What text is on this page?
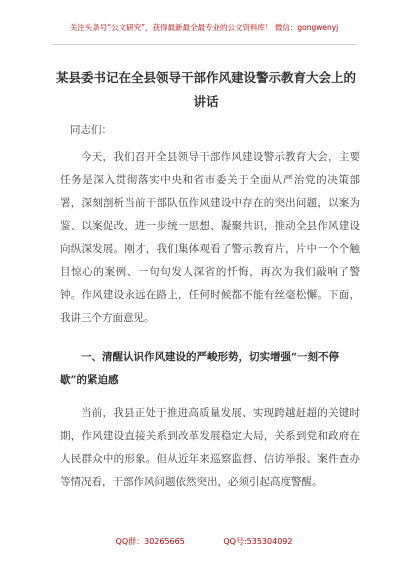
关注头条号“公文研究”，获得最新最全最专业的公文资料库！ 微信：gongwenyj
某县委书记在全县领导干部作风建设警示教育大会上的讲话
同志们：
今天，我们召开全县领导干部作风建设警示教育大会，主要任务是深入贯彻落实中央和省市委关于全面从严治党的决策部署，深刻剖析当前干部队伍作风建设中存在的突出问题，以案为鉴、以案促改，进一步统一思想、凝聚共识，推动全县作风建设向纵深发展。刚才，我们集体观看了警示教育片，片中一个个触目惊心的案例、一句句发人深省的忏悔，再次为我们敲响了警钟。作风建设永远在路上，任何时候都不能有丝毫松懈。下面，我讲三个方面意见。
一、清醒认识作风建设的严峻形势，切实增强“一刻不停歇”的紧迫感
当前，我县正处于推进高质量发展、实现跨越赶超的关键时期，作风建设直接关系到改革发展稳定大局，关系到党和政府在人民群众中的形象。但从近年来巡察监督、信访举报、案件查办等情况看，干部作风问题依然突出，必须引起高度警醒。
QQ群：30265665	QQ号:535304092
